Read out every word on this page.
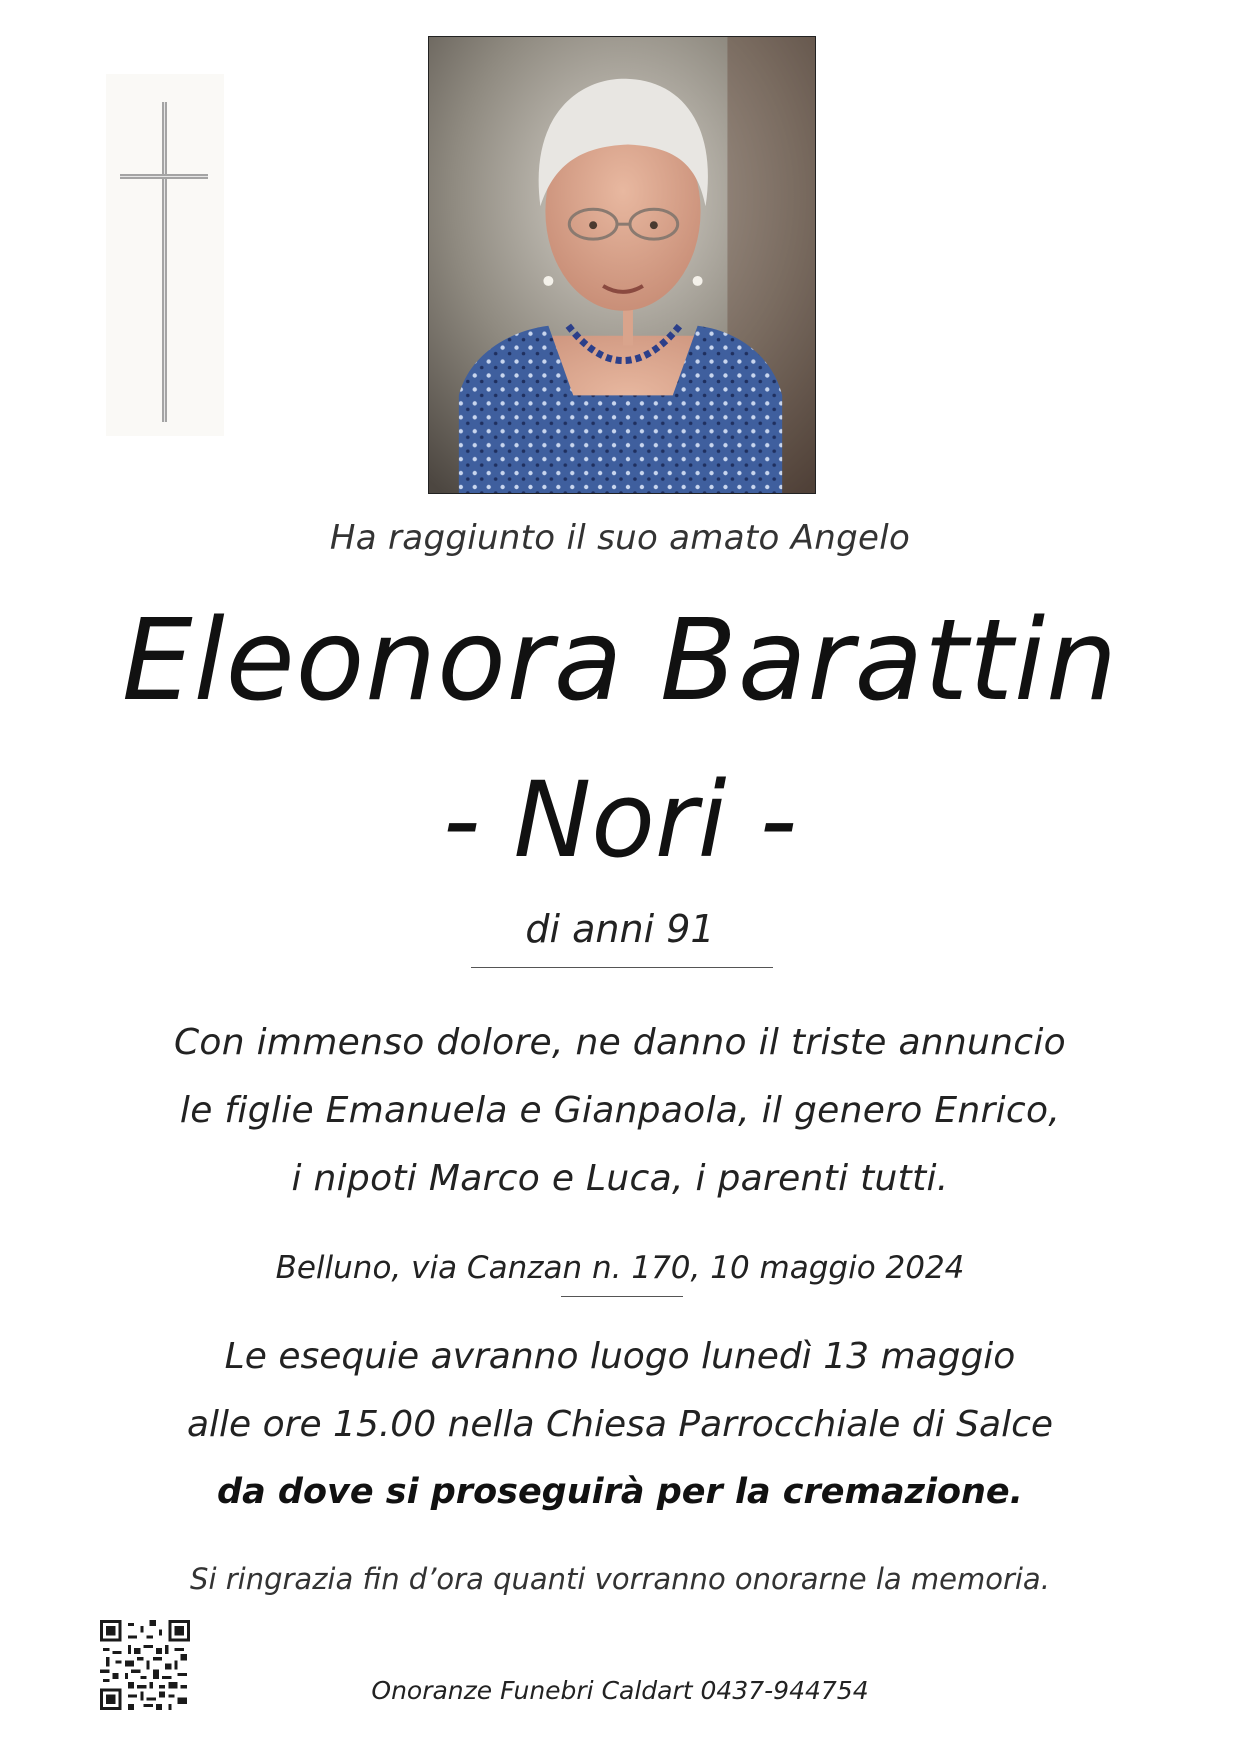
Ha raggiunto il suo amato Angelo
Eleonora Barattin
- Nori -
di anni 91
Con immenso dolore, ne danno il triste annuncio
le figlie Emanuela e Gianpaola, il genero Enrico,
i nipoti Marco e Luca, i parenti tutti.
Belluno, via Canzan n. 170, 10 maggio 2024
Le esequie avranno luogo lunedì 13 maggio
alle ore 15.00 nella Chiesa Parrocchiale di Salce
da dove si proseguirà per la cremazione.
Si ringrazia fin d’ora quanti vorranno onorarne la memoria.
Onoranze Funebri Caldart 0437-944754
